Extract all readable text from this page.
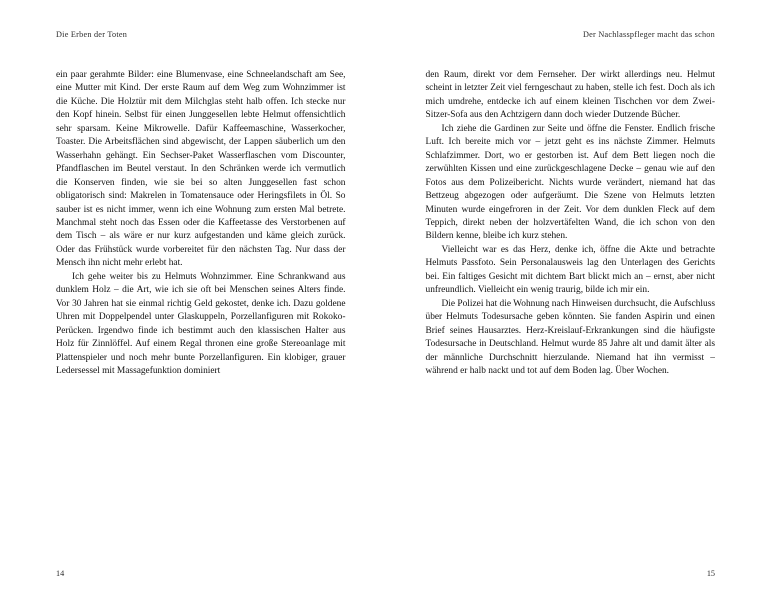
Die Erben der Toten

ein paar gerahmte Bilder: eine Blumenvase, eine Schneelandschaft am See, eine Mutter mit Kind. Der erste Raum auf dem Weg zum Wohnzimmer ist die Küche. Die Holztür mit dem Milchglas steht halb offen. Ich stecke nur den Kopf hinein. Selbst für einen Junggesellen lebte Helmut offensichtlich sehr sparsam. Keine Mikrowelle. Dafür Kaffeemaschine, Wasserkocher, Toaster. Die Arbeitsflächen sind abgewischt, der Lappen säuberlich um den Wasserhahn gehängt. Ein Sechser-Paket Wasserflaschen vom Discounter, Pfandflaschen im Beutel verstaut. In den Schränken werde ich vermutlich die Konserven finden, wie sie bei so alten Junggesellen fast schon obligatorisch sind: Makrelen in Tomatensauce oder Heringsfilets in Öl. So sauber ist es nicht immer, wenn ich eine Wohnung zum ersten Mal betrete. Manchmal steht noch das Essen oder die Kaffeetasse des Verstorbenen auf dem Tisch – als wäre er nur kurz aufgestanden und käme gleich zurück. Oder das Frühstück wurde vorbereitet für den nächsten Tag. Nur dass der Mensch ihn nicht mehr erlebt hat.

Ich gehe weiter bis zu Helmuts Wohnzimmer. Eine Schrankwand aus dunklem Holz – die Art, wie ich sie oft bei Menschen seines Alters finde. Vor 30 Jahren hat sie einmal richtig Geld gekostet, denke ich. Dazu goldene Uhren mit Doppelpendel unter Glaskuppeln, Porzellanfiguren mit Rokoko-Perücken. Irgendwo finde ich bestimmt auch den klassischen Halter aus Holz für Zinnlöffel. Auf einem Regal thronen eine große Stereoanlage mit Plattenspieler und noch mehr bunte Porzellanfiguren. Ein klobiger, grauer Ledersessel mit Massagefunktion dominiert

14
Der Nachlasspfleger macht das schon

den Raum, direkt vor dem Fernseher. Der wirkt allerdings neu. Helmut scheint in letzter Zeit viel ferngeschaut zu haben, stelle ich fest. Doch als ich mich umdrehe, entdecke ich auf einem kleinen Tischchen vor dem Zwei-Sitzer-Sofa aus den Achtzigern dann doch wieder Dutzende Bücher.

Ich ziehe die Gardinen zur Seite und öffne die Fenster. Endlich frische Luft. Ich bereite mich vor – jetzt geht es ins nächste Zimmer. Helmuts Schlafzimmer. Dort, wo er gestorben ist. Auf dem Bett liegen noch die zerwühlten Kissen und eine zurückgeschlagene Decke – genau wie auf den Fotos aus dem Polizeibericht. Nichts wurde verändert, niemand hat das Bettzeug abgezogen oder aufgeräumt. Die Szene von Helmuts letzten Minuten wurde eingefroren in der Zeit. Vor dem dunklen Fleck auf dem Teppich, direkt neben der holzvertäfelten Wand, die ich schon von den Bildern kenne, bleibe ich kurz stehen.

Vielleicht war es das Herz, denke ich, öffne die Akte und betrachte Helmuts Passfoto. Sein Personalausweis lag den Unterlagen des Gerichts bei. Ein faltiges Gesicht mit dichtem Bart blickt mich an – ernst, aber nicht unfreundlich. Vielleicht ein wenig traurig, bilde ich mir ein.

Die Polizei hat die Wohnung nach Hinweisen durchsucht, die Aufschluss über Helmuts Todesursache geben könnten. Sie fanden Aspirin und einen Brief seines Hausarztes. Herz-Kreislauf-Erkrankungen sind die häufigste Todesursache in Deutschland. Helmut wurde 85 Jahre alt und damit älter als der männliche Durchschnitt hierzulande. Niemand hat ihn vermisst – während er halb nackt und tot auf dem Boden lag. Über Wochen.

15
